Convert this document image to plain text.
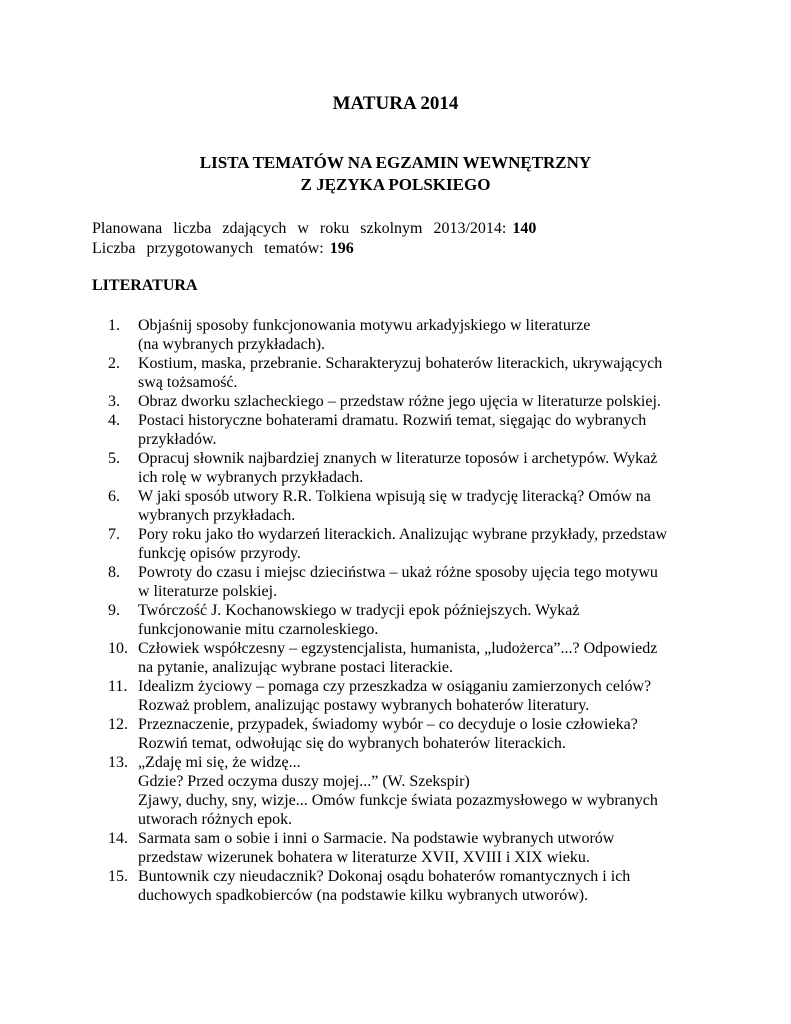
MATURA 2014
LISTA TEMATÓW NA EGZAMIN WEWNĘTRZNY
Z JĘZYKA POLSKIEGO
Planowana liczba zdających w roku szkolnym 2013/2014: 140
Liczba przygotowanych tematów: 196
LITERATURA
1.	Objaśnij sposoby funkcjonowania motywu arkadyjskiego w literaturze
(na wybranych przykładach).
2.	Kostium, maska, przebranie. Scharakteryzuj bohaterów literackich, ukrywających
swą tożsamość.
3.	Obraz dworku szlacheckiego – przedstaw różne jego ujęcia w literaturze polskiej.
4.	Postaci historyczne bohaterami dramatu. Rozwiń temat, sięgając do wybranych
przykładów.
5.	Opracuj słownik najbardziej znanych w literaturze toposów i archetypów. Wykaż
ich rolę w wybranych przykładach.
6.	W jaki sposób utwory R.R. Tolkiena wpisują się w tradycję literacką? Omów na
wybranych przykładach.
7.	Pory roku jako tło wydarzeń literackich. Analizując wybrane przykłady, przedstaw
funkcję opisów przyrody.
8.	Powroty do czasu i miejsc dzieciństwa – ukaż różne sposoby ujęcia tego motywu
w literaturze polskiej.
9.	Twórczość J. Kochanowskiego w tradycji epok późniejszych. Wykaż
funkcjonowanie mitu czarnoleskiego.
10. Człowiek współczesny – egzystencjalista, humanista, „ludożerca”...? Odpowiedz
na pytanie, analizując wybrane postaci literackie.
11. Idealizm życiowy – pomaga czy przeszkadza w osiąganiu zamierzonych celów?
Rozważ problem, analizując postawy wybranych bohaterów literatury.
12. Przeznaczenie, przypadek, świadomy wybór – co decyduje o losie człowieka?
Rozwiń temat, odwołując się do wybranych bohaterów literackich.
13. „Zdaję mi się, że widzę...
Gdzie? Przed oczyma duszy mojej...” (W. Szekspir)
Zjawy, duchy, sny, wizje... Omów funkcje świata pozazmysłowego w wybranych
utworach różnych epok.
14. Sarmata sam o sobie i inni o Sarmacie. Na podstawie wybranych utworów
przedstaw wizerunek bohatera w literaturze XVII, XVIII i XIX wieku.
15. Buntownik czy nieudacznik? Dokonaj osądu bohaterów romantycznych i ich
duchowych spadkobierców (na podstawie kilku wybranych utworów).
